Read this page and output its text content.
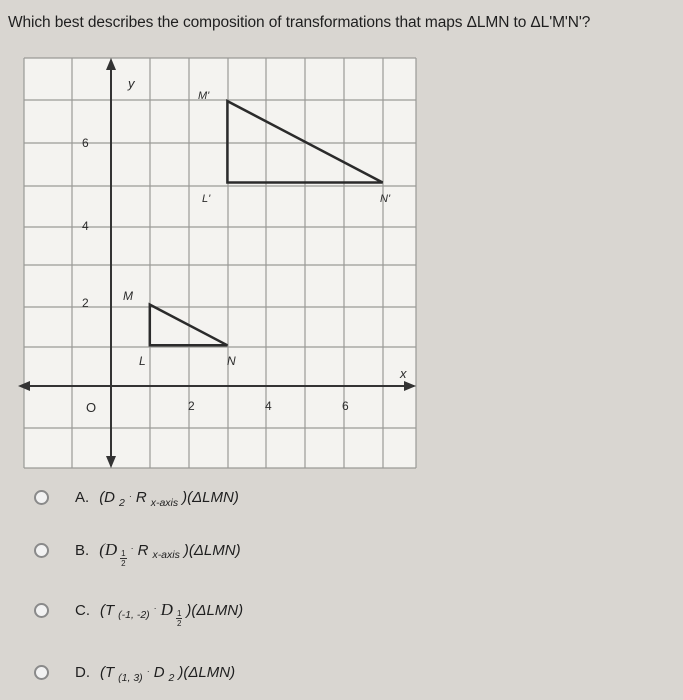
Which best describes the composition of transformations that maps ΔLMN to ΔL'M'N'?
y
x
O	2	4	6
2
4
6
M
L	N
M'
L'	N'
A. (D 2
· R x-axis )(ΔLMN)
B. ($D \frac{1}{2}$
· R x-axis )(ΔLMN)
C. (T (-1, -2)
· D $\frac{1}{2} )(\Delta LMN)$
D. (T (1, 3)
· D 2 )(ΔLMN)
